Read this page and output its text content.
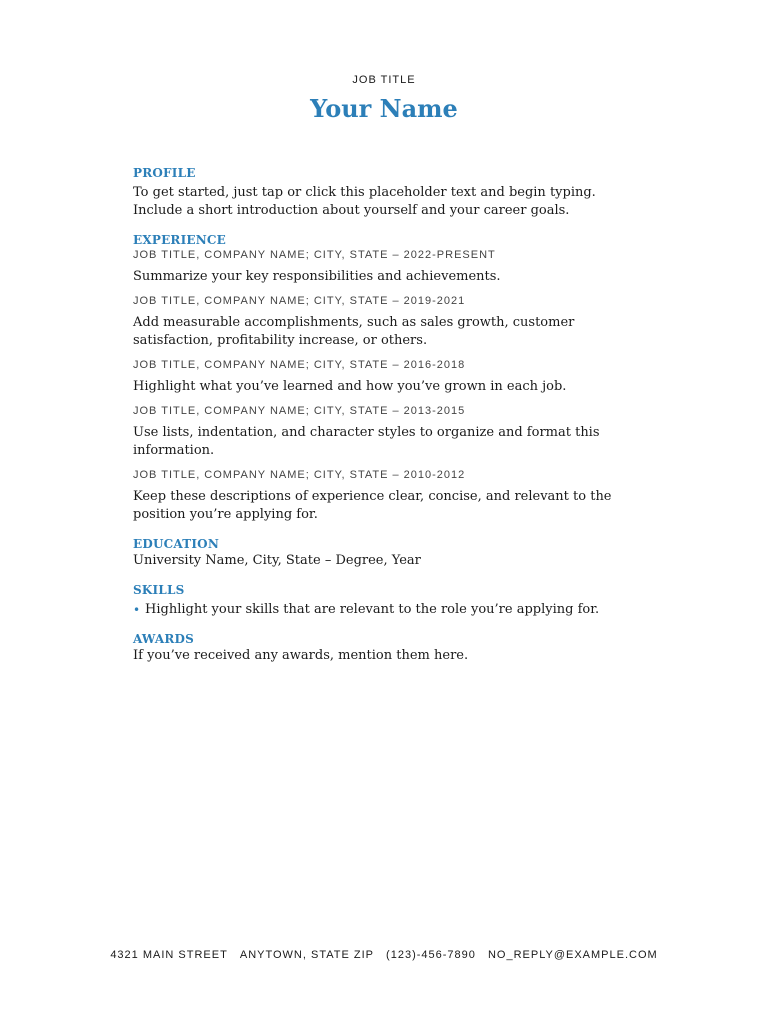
JOB TITLE
Your Name
PROFILE
To get started, just tap or click this placeholder text and begin typing. Include a short introduction about yourself and your career goals.
EXPERIENCE
JOB TITLE, COMPANY NAME; CITY, STATE – 2022-PRESENT
Summarize your key responsibilities and achievements.
JOB TITLE, COMPANY NAME; CITY, STATE – 2019-2021
Add measurable accomplishments, such as sales growth, customer satisfaction, profitability increase, or others.
JOB TITLE, COMPANY NAME; CITY, STATE – 2016-2018
Highlight what you’ve learned and how you’ve grown in each job.
JOB TITLE, COMPANY NAME; CITY, STATE – 2013-2015
Use lists, indentation, and character styles to organize and format this information.
JOB TITLE, COMPANY NAME; CITY, STATE – 2010-2012
Keep these descriptions of experience clear, concise, and relevant to the position you’re applying for.
EDUCATION
University Name, City, State – Degree, Year
SKILLS
• Highlight your skills that are relevant to the role you’re applying for.
AWARDS
If you’ve received any awards, mention them here.
4321 MAIN STREET ANYTOWN, STATE ZIP (123)-456-7890 NO_REPLY@EXAMPLE.COM
